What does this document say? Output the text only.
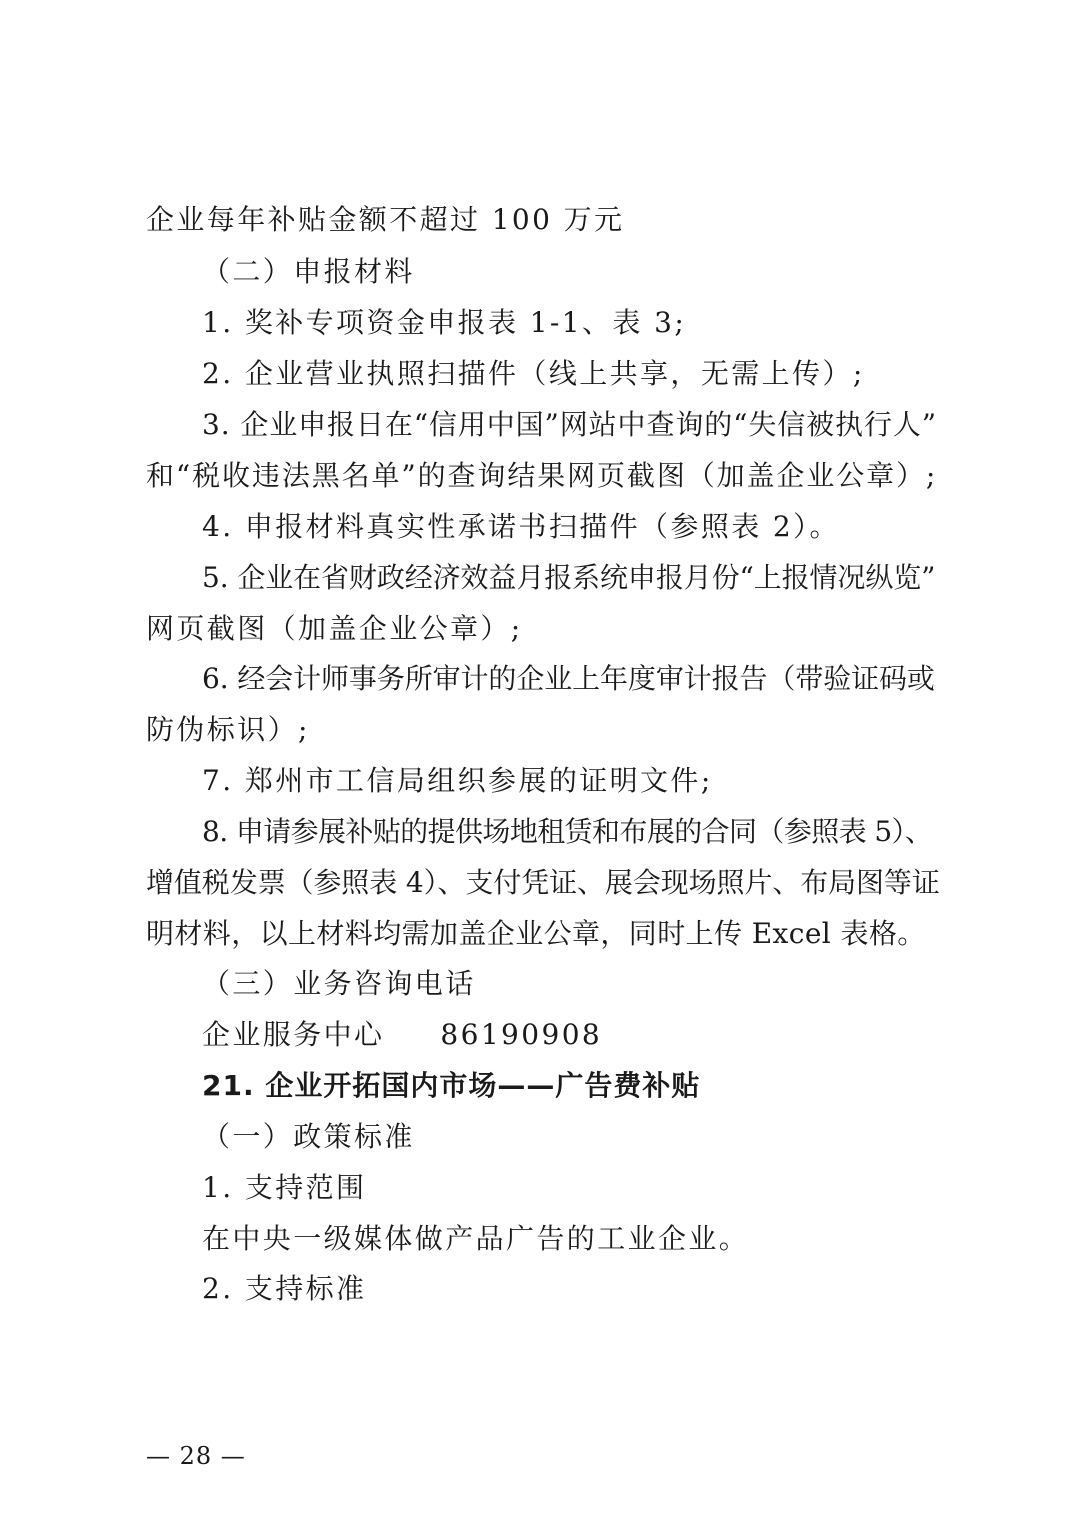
企业每年补贴金额不超过 100 万元
（二）申报材料
1. 奖补专项资金申报表 1-1、表 3;
2. 企业营业执照扫描件（线上共享，无需上传）;
3. 企业申报日在“信用中国”网站中查询的“失信被执行人”
和“税收违法黑名单”的查询结果网页截图（加盖企业公章）;
4. 申报材料真实性承诺书扫描件（参照表 2）。
5. 企业在省财政经济效益月报系统申报月份“上报情况纵览”
网页截图（加盖企业公章）;
6. 经会计师事务所审计的企业上年度审计报告（带验证码或
防伪标识）;
7. 郑州市工信局组织参展的证明文件;
8. 申请参展补贴的提供场地租赁和布展的合同（参照表 5）、
增值税发票（参照表 4）、支付凭证、展会现场照片、布局图等证
明材料，以上材料均需加盖企业公章，同时上传 Excel 表格。
（三）业务咨询电话
企业服务中心 86190908
21. 企业开拓国内市场——广告费补贴
（一）政策标准
1. 支持范围
在中央一级媒体做产品广告的工业企业。
2. 支持标准
— 28 —
